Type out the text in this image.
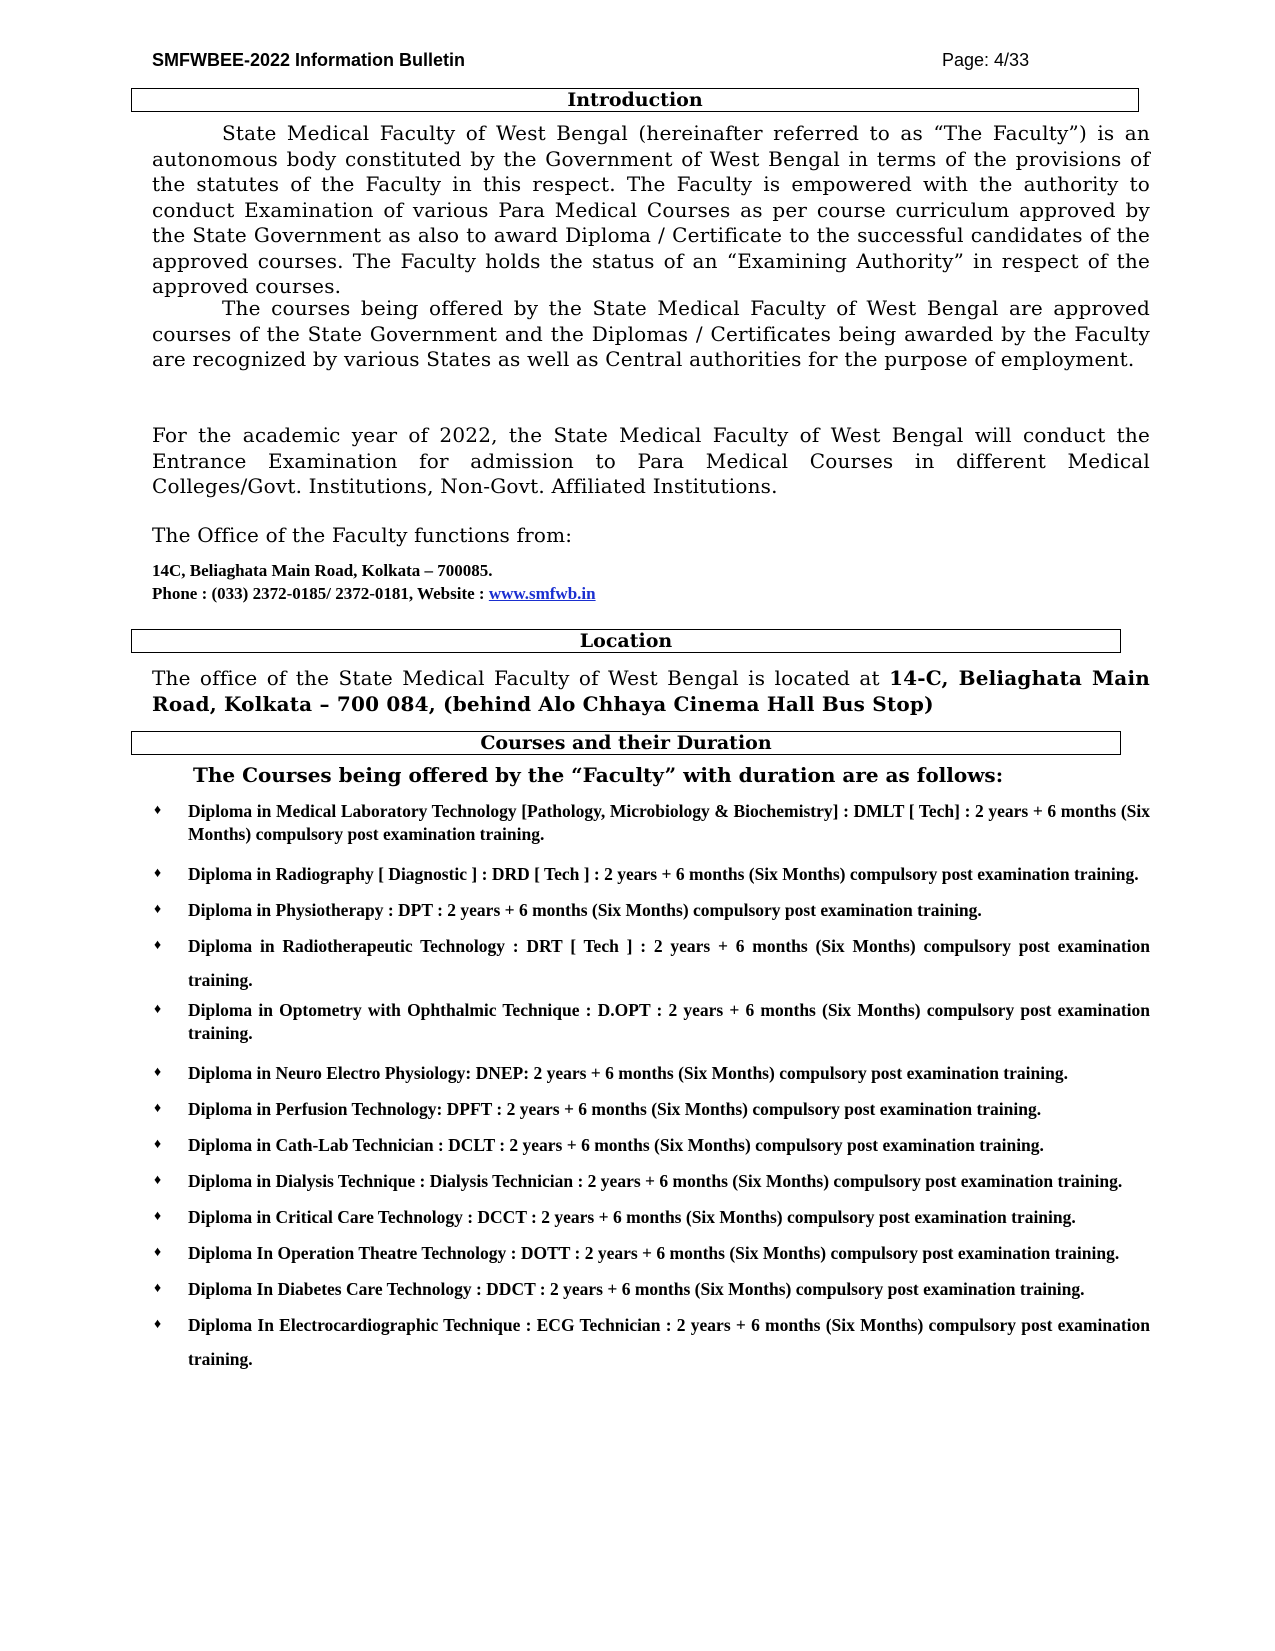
SMFWBEE-2022 Information Bulletin	Page: 4/33
Introduction
State Medical Faculty of West Bengal (hereinafter referred to as “The Faculty”) is an autonomous body constituted by the Government of West Bengal in terms of the provisions of the statutes of the Faculty in this respect. The Faculty is empowered with the authority to conduct Examination of various Para Medical Courses as per course curriculum approved by the State Government as also to award Diploma / Certificate to the successful candidates of the approved courses. The Faculty holds the status of an “Examining Authority” in respect of the approved courses.
The courses being offered by the State Medical Faculty of West Bengal are approved courses of the State Government and the Diplomas / Certificates being awarded by the Faculty are recognized by various States as well as Central authorities for the purpose of employment.
For the academic year of 2022, the State Medical Faculty of West Bengal will conduct the Entrance Examination for admission to Para Medical Courses in different Medical Colleges/Govt. Institutions, Non-Govt. Affiliated Institutions.
The Office of the Faculty functions from:
14C, Beliaghata Main Road, Kolkata – 700085.
Phone : (033) 2372-0185/ 2372-0181, Website : www.smfwb.in
Location
The office of the State Medical Faculty of West Bengal is located at 14-C, Beliaghata Main Road, Kolkata – 700 084, (behind Alo Chhaya Cinema Hall Bus Stop)
Courses and their Duration
The Courses being offered by the “Faculty” with duration are as follows:
♦ Diploma in Medical Laboratory Technology [Pathology, Microbiology & Biochemistry] : DMLT [ Tech] : 2 years + 6 months (Six Months) compulsory post examination training.
♦ Diploma in Radiography [ Diagnostic ] : DRD [ Tech ] : 2 years + 6 months (Six Months) compulsory post examination training.
♦ Diploma in Physiotherapy : DPT : 2 years + 6 months (Six Months) compulsory post examination training.
♦ Diploma in Radiotherapeutic Technology : DRT [ Tech ] : 2 years + 6 months (Six Months) compulsory post examination training.
♦ Diploma in Optometry with Ophthalmic Technique : D.OPT : 2 years + 6 months (Six Months) compulsory post examination training.
♦ Diploma in Neuro Electro Physiology: DNEP: 2 years + 6 months (Six Months) compulsory post examination training.
♦ Diploma in Perfusion Technology: DPFT : 2 years + 6 months (Six Months) compulsory post examination training.
♦ Diploma in Cath-Lab Technician : DCLT : 2 years + 6 months (Six Months) compulsory post examination training.
♦ Diploma in Dialysis Technique : Dialysis Technician : 2 years + 6 months (Six Months) compulsory post examination training.
♦ Diploma in Critical Care Technology : DCCT : 2 years + 6 months (Six Months) compulsory post examination training.
♦ Diploma In Operation Theatre Technology : DOTT : 2 years + 6 months (Six Months) compulsory post examination training.
♦ Diploma In Diabetes Care Technology : DDCT : 2 years + 6 months (Six Months) compulsory post examination training.
♦ Diploma In Electrocardiographic Technique : ECG Technician : 2 years + 6 months (Six Months) compulsory post examination training.
